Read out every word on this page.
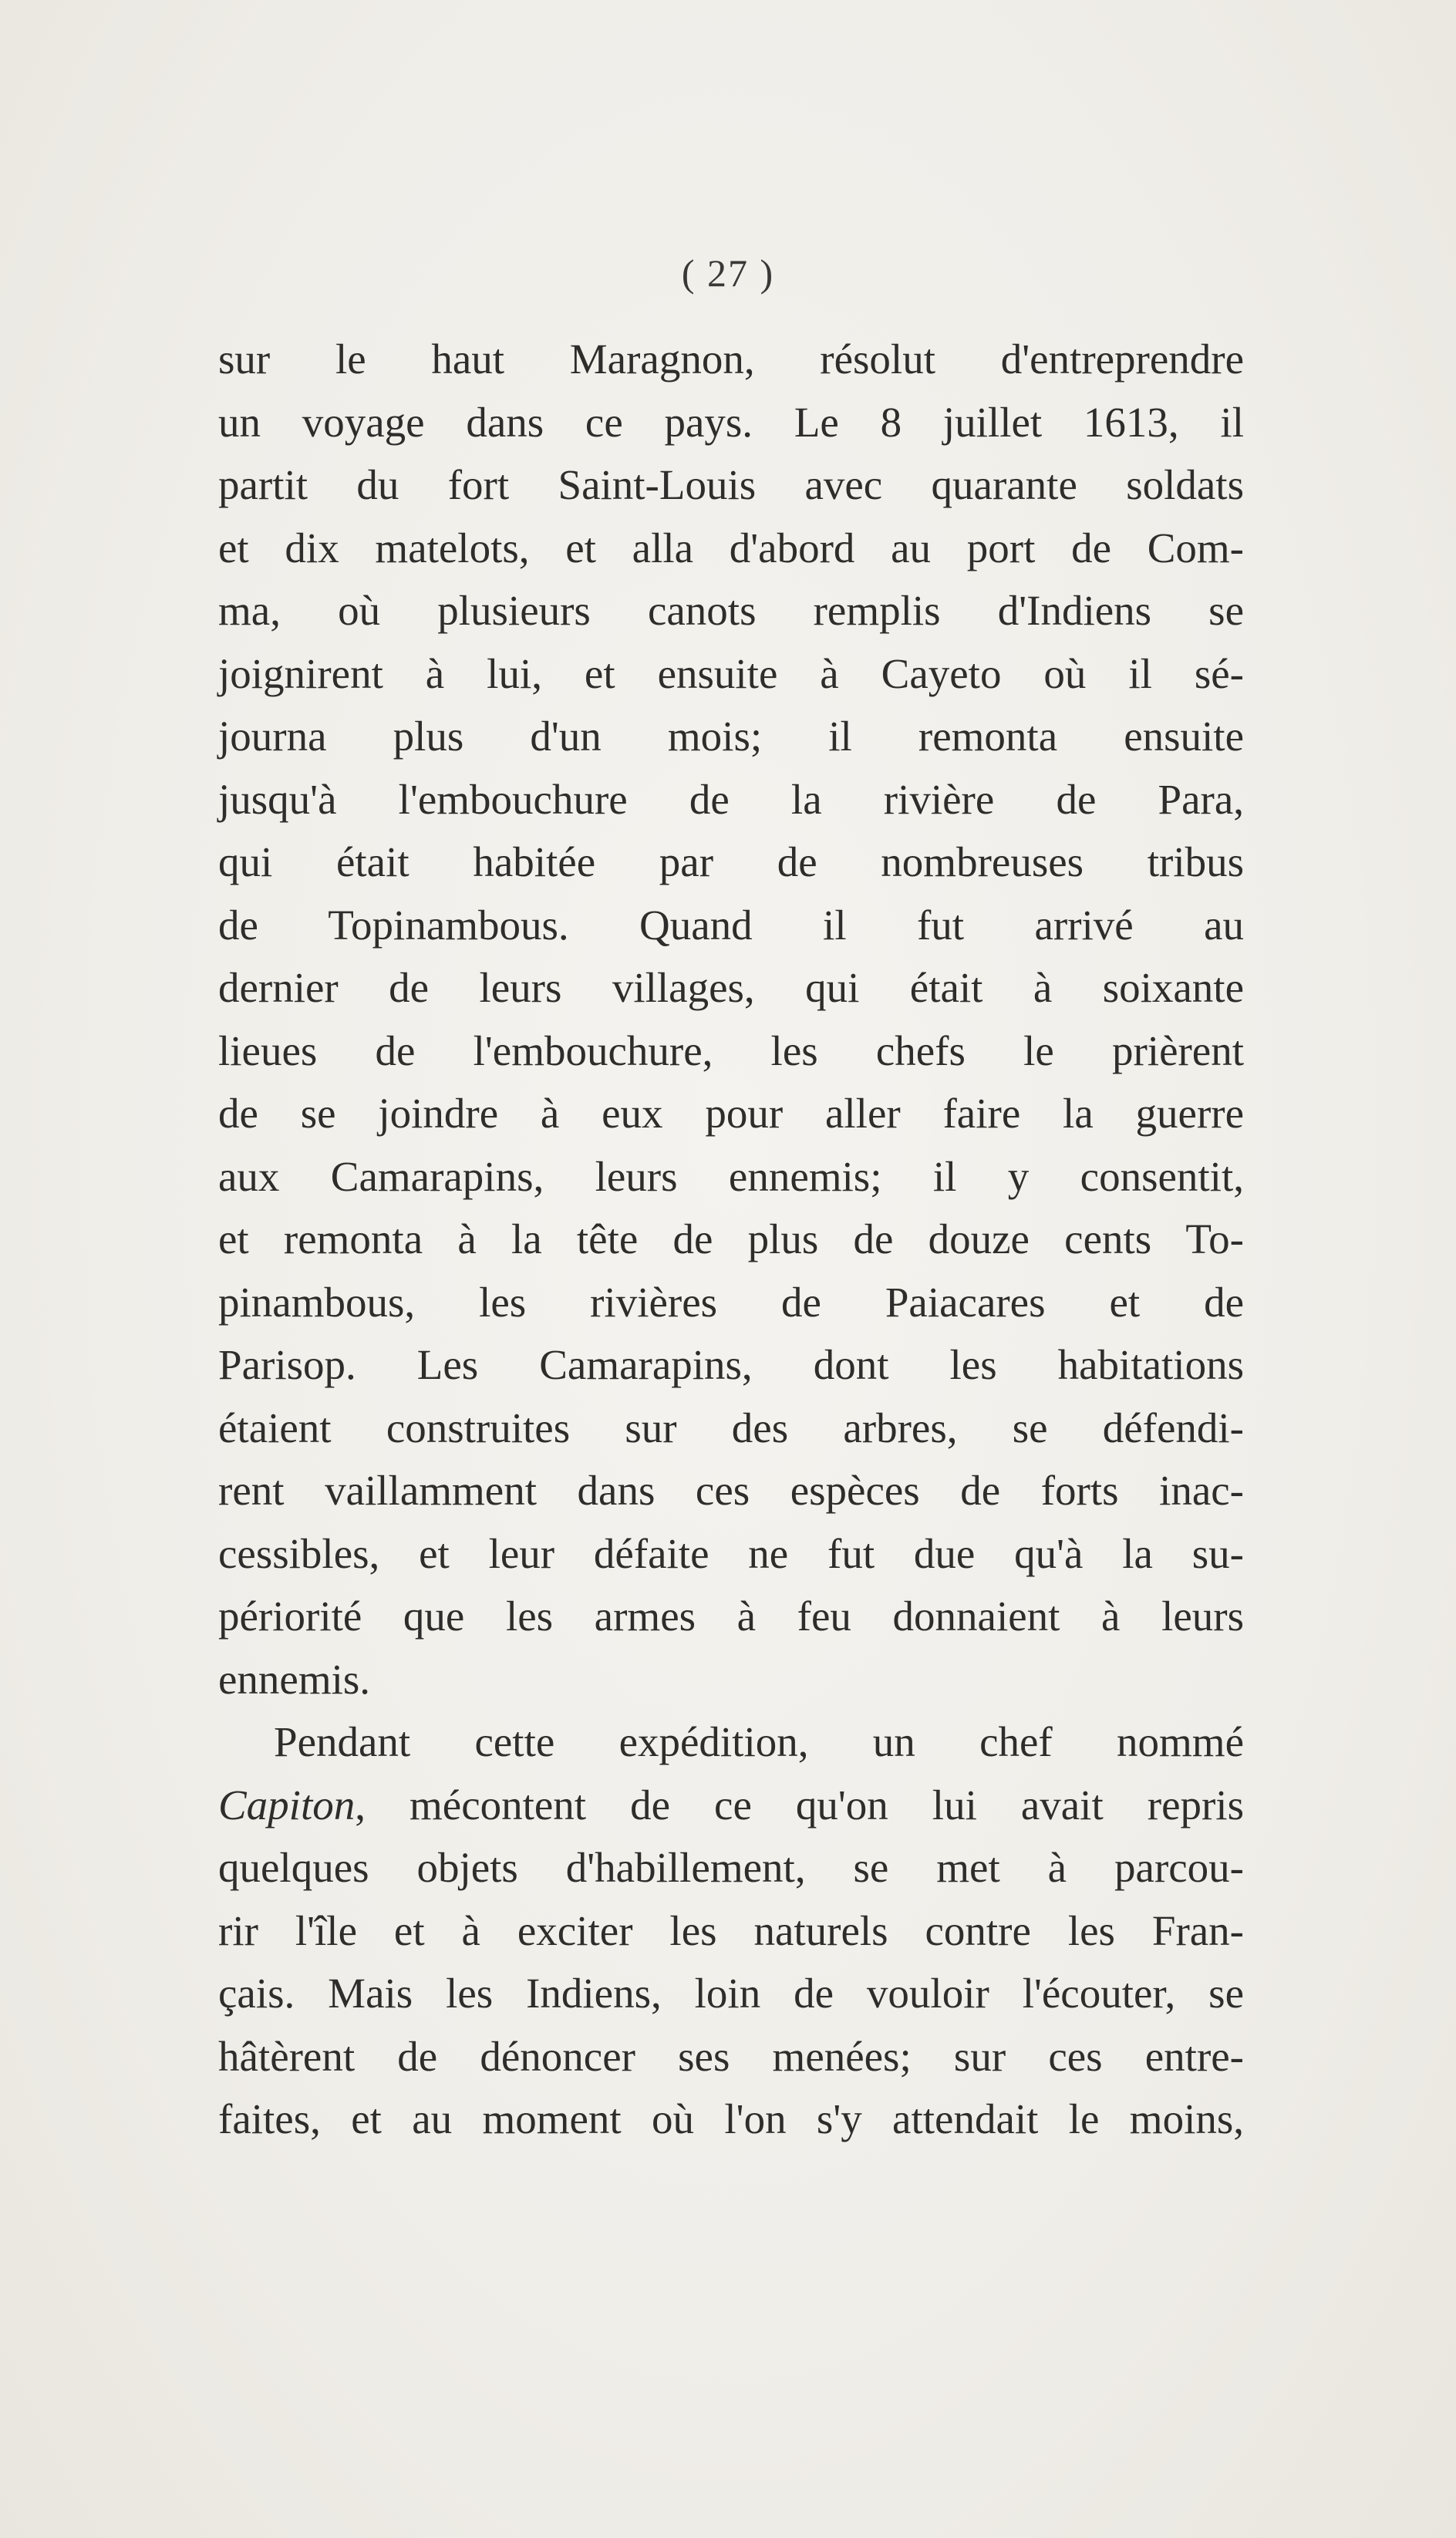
( 27 )
sur le haut Maragnon, résolut d'entreprendre
un voyage dans ce pays. Le 8 juillet 1613, il
partit du fort Saint-Louis avec quarante soldats
et dix matelots, et alla d'abord au port de Com-
ma, où plusieurs canots remplis d'Indiens se
joignirent à lui, et ensuite à Cayeto où il sé-
journa plus d'un mois; il remonta ensuite
jusqu'à l'embouchure de la rivière de Para,
qui était habitée par de nombreuses tribus
de Topinambous. Quand il fut arrivé au
dernier de leurs villages, qui était à soixante
lieues de l'embouchure, les chefs le prièrent
de se joindre à eux pour aller faire la guerre
aux Camarapins, leurs ennemis; il y consentit,
et remonta à la tête de plus de douze cents To-
pinambous, les rivières de Paiacares et de
Parisop. Les Camarapins, dont les habitations
étaient construites sur des arbres, se défendi-
rent vaillamment dans ces espèces de forts inac-
cessibles, et leur défaite ne fut due qu'à la su-
périorité que les armes à feu donnaient à leurs
ennemis.
Pendant cette expédition, un chef nommé
Capiton, mécontent de ce qu'on lui avait repris
quelques objets d'habillement, se met à parcou-
rir l'île et à exciter les naturels contre les Fran-
çais. Mais les Indiens, loin de vouloir l'écouter, se
hâtèrent de dénoncer ses menées; sur ces entre-
faites, et au moment où l'on s'y attendait le moins,
